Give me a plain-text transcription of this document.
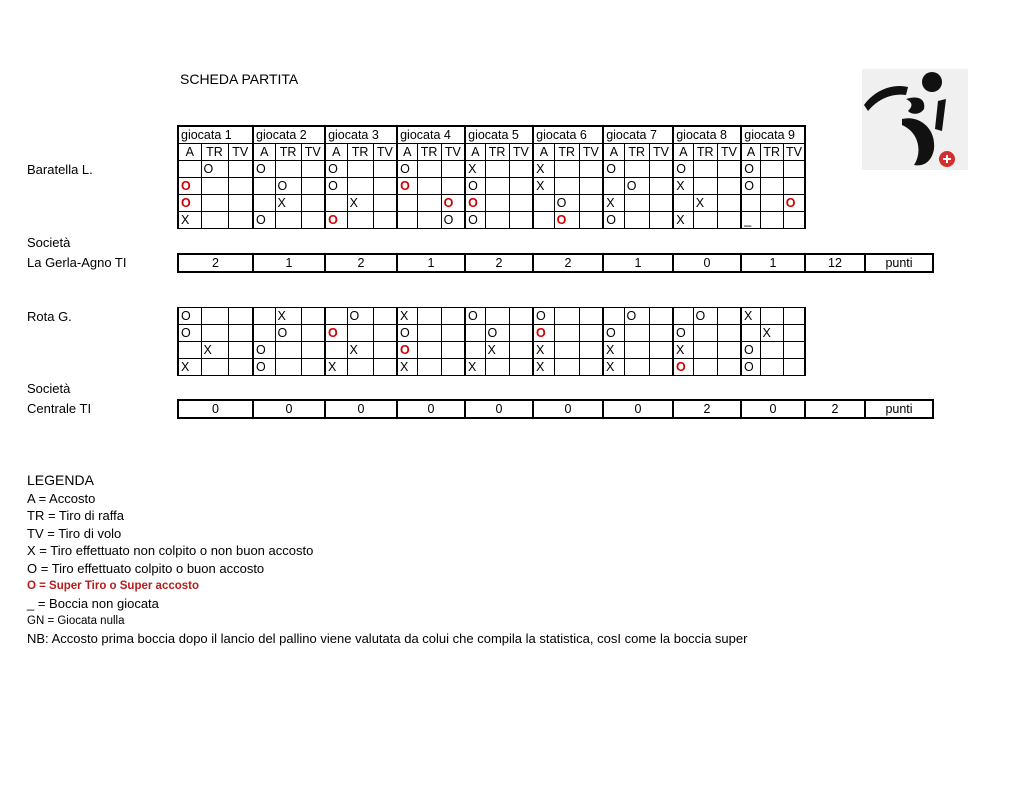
SCHEDA PARTITA
Baratella L.
Società
La Gerla-Agno TI
giocata 1			giocata 2			giocata 3			giocata 4			giocata 5			giocata 6			giocata 7			giocata 8			giocata 9		
A	TR	TV	A	TR	TV	A	TR	TV	A	TR	TV	A	TR	TV	A	TR	TV	A	TR	TV	A	TR	TV	A	TR	TV
	O		O			O			O			X			X			O			O			O		
O				O		O			O			O			X				O		X			O		
O				X			X				O	O				O		X				X				O
X			O			O					O	O				O		O			X			_		
2	1	2	1	2	2	1	0	1	12	punti
Rota G.
Società
Centrale TI
O				X			O		X			O			O				O			O		X		
O				O		O			O				O		O			O			O				X	
	X		O				X		O				X		X			X			X			O		
X			O			X			X			X			X			X			O			O		
0	0	0	0	0	0	0	2	0	2	punti
LEGENDA
A = Accosto
TR = Tiro di raffa
TV = Tiro di volo
X = Tiro effettuato non colpito o non buon accosto
O = Tiro effettuato colpito o buon accosto
O = Super Tiro o Super accosto
_ = Boccia non giocata
GN = Giocata nulla
NB: Accosto prima boccia dopo il lancio del pallino viene valutata da colui che compila la statistica, cosI come la boccia super
